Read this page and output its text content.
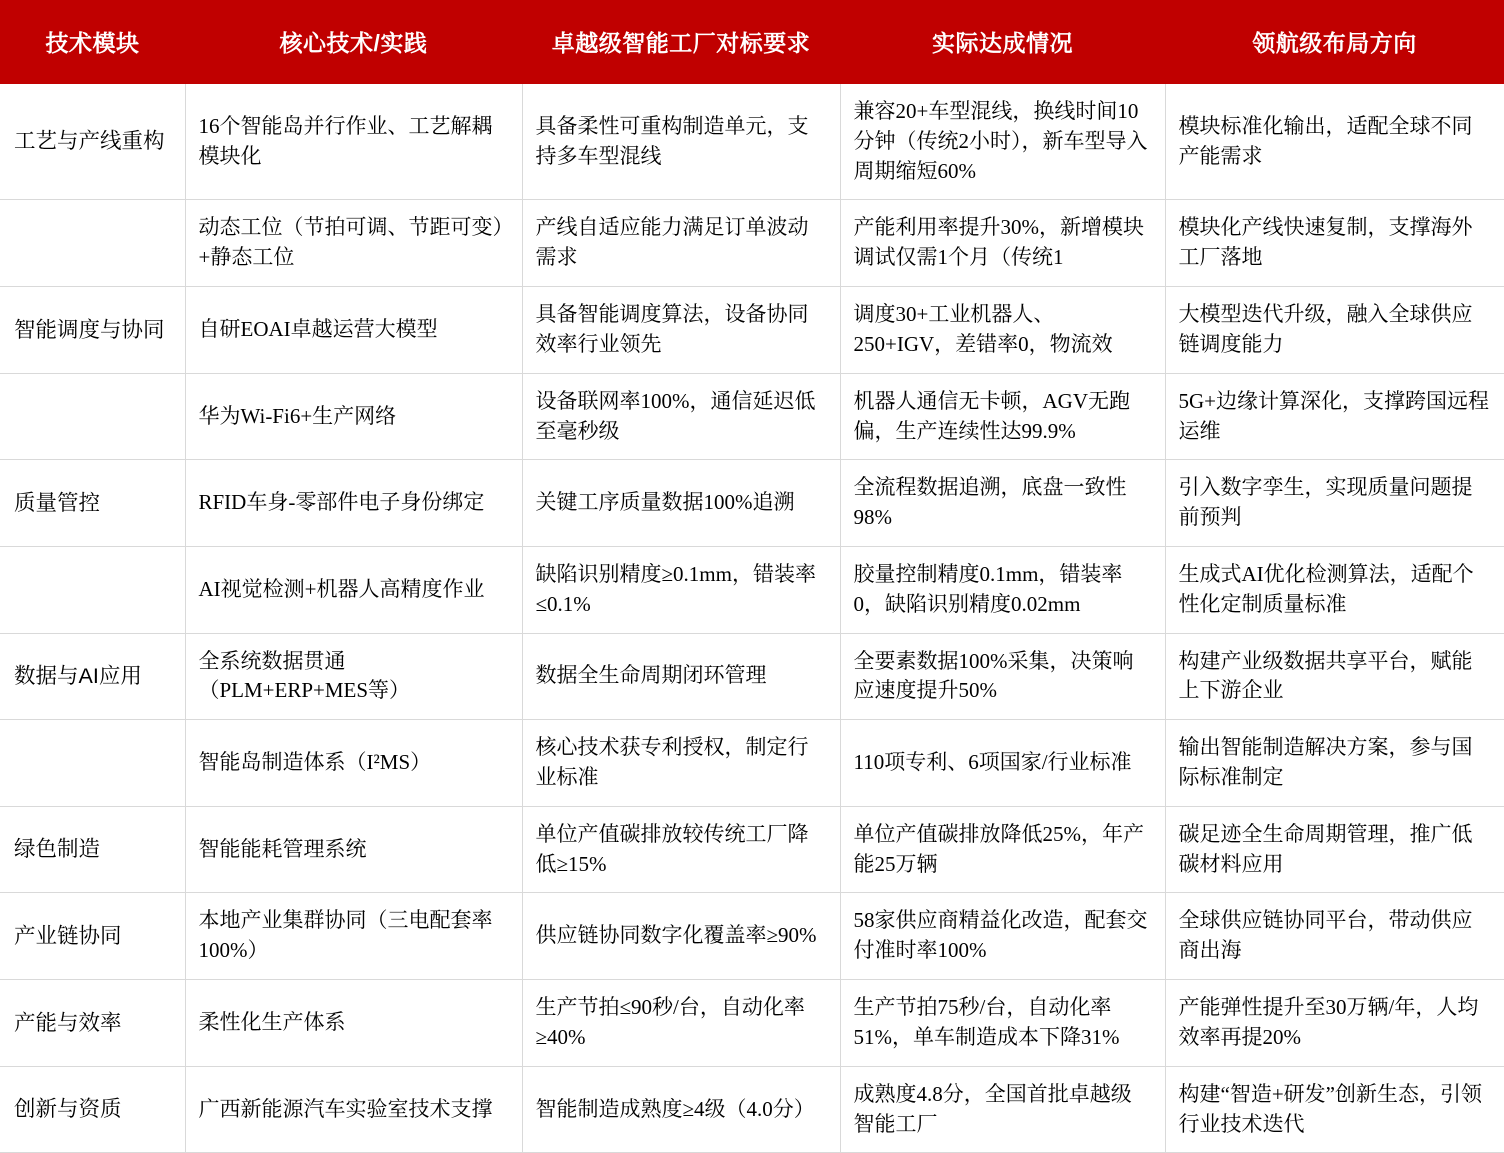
技术模块	核心技术/实践	卓越级智能工厂对标要求	实际达成情况	领航级布局方向
工艺与产线重构	16个智能岛并行作业、工艺解耦模块化	具备柔性可重构制造单元，支持多车型混线	兼容20+车型混线，换线时间10分钟（传统2小时），新车型导入周期缩短60%	模块标准化输出，适配全球不同产能需求
	动态工位（节拍可调、节距可变）+静态工位	产线自适应能力满足订单波动需求	产能利用率提升30%，新增模块调试仅需1个月（传统1	模块化产线快速复制，支撑海外工厂落地
智能调度与协同	自研EOAI卓越运营大模型	具备智能调度算法，设备协同效率行业领先	调度30+工业机器人、250+IGV，差错率0，物流效	大模型迭代升级，融入全球供应链调度能力
	华为Wi-Fi6+生产网络	设备联网率100%，通信延迟低至毫秒级	机器人通信无卡顿，AGV无跑偏，生产连续性达99.9%	5G+边缘计算深化，支撑跨国远程运维
质量管控	RFID车身-零部件电子身份绑定	关键工序质量数据100%追溯	全流程数据追溯，底盘一致性98%	引入数字孪生，实现质量问题提前预判
	AI视觉检测+机器人高精度作业	缺陷识别精度≥0.1mm，错装率≤0.1%	胶量控制精度0.1mm，错装率0，缺陷识别精度0.02mm	生成式AI优化检测算法，适配个性化定制质量标准
数据与AI应用	全系统数据贯通（PLM+ERP+MES等）	数据全生命周期闭环管理	全要素数据100%采集，决策响应速度提升50%	构建产业级数据共享平台，赋能上下游企业
	智能岛制造体系（I²MS）	核心技术获专利授权，制定行业标准	110项专利、6项国家/行业标准	输出智能制造解决方案，参与国际标准制定
绿色制造	智能能耗管理系统	单位产值碳排放较传统工厂降低≥15%	单位产值碳排放降低25%，年产能25万辆	碳足迹全生命周期管理，推广低碳材料应用
产业链协同	本地产业集群协同（三电配套率100%）	供应链协同数字化覆盖率≥90%	58家供应商精益化改造，配套交付准时率100%	全球供应链协同平台，带动供应商出海
产能与效率	柔性化生产体系	生产节拍≤90秒/台，自动化率≥40%	生产节拍75秒/台，自动化率51%，单车制造成本下降31%	产能弹性提升至30万辆/年，人均效率再提20%
创新与资质	广西新能源汽车实验室技术支撑	智能制造成熟度≥4级（4.0分）	成熟度4.8分，全国首批卓越级智能工厂	构建“智造+研发”创新生态，引领行业技术迭代
